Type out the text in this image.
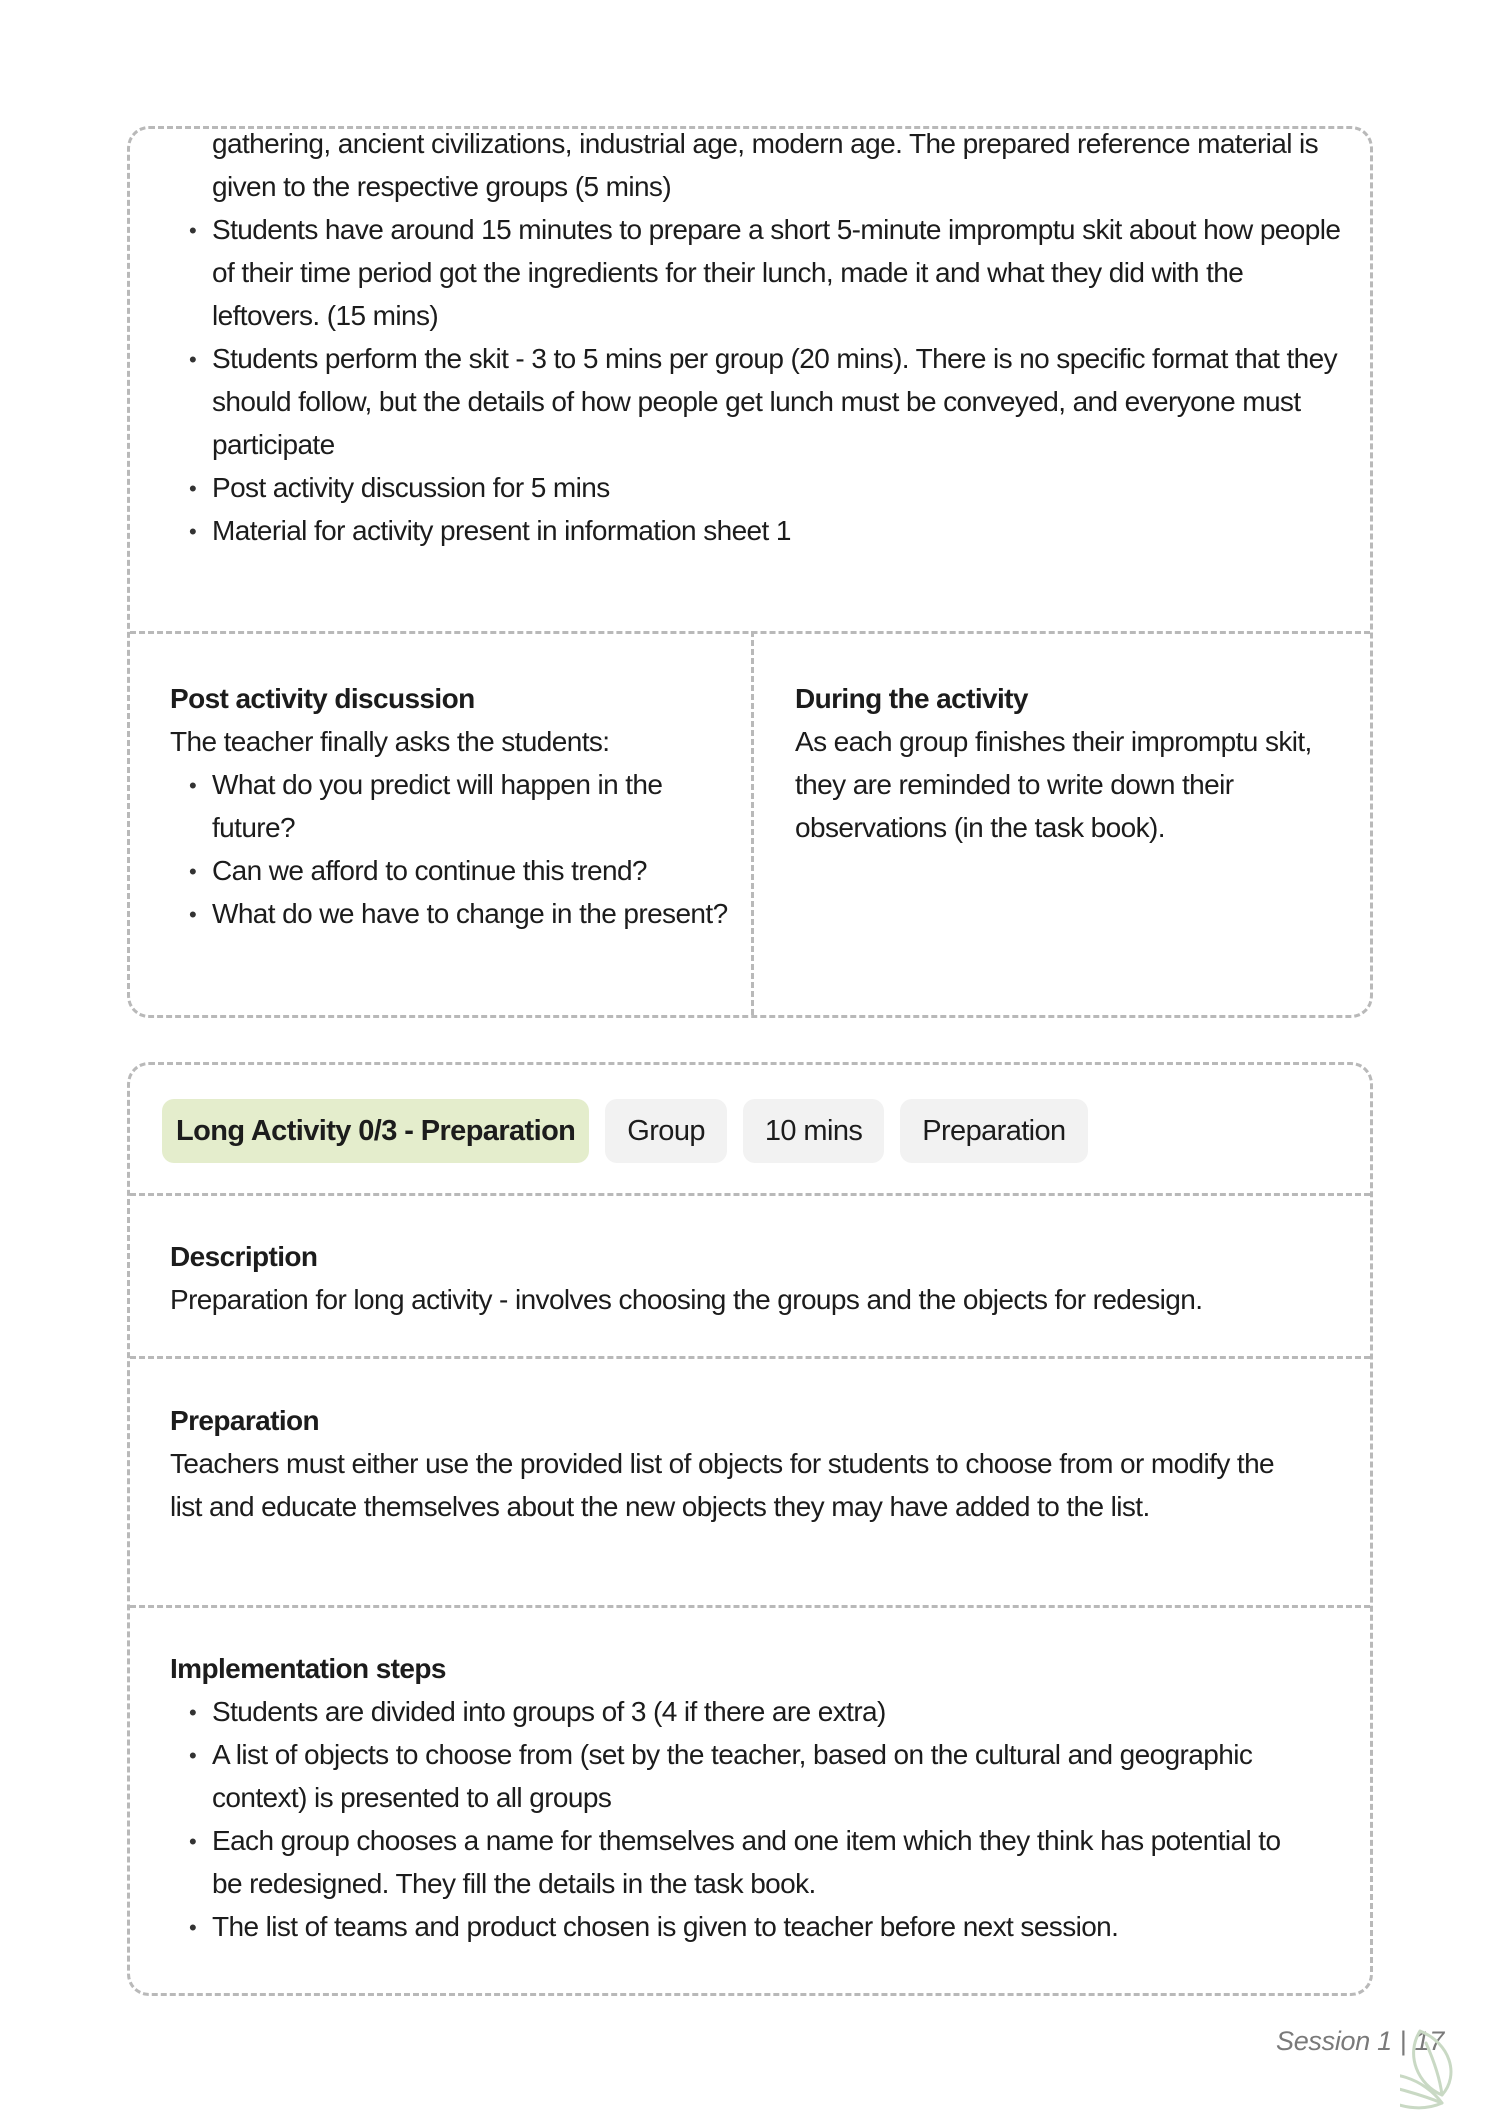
gathering, ancient civilizations, industrial age, modern age. The prepared reference material is given to the respective groups (5 mins)
• Students have around 15 minutes to prepare a short 5-minute impromptu skit about how people of their time period got the ingredients for their lunch, made it and what they did with the leftovers. (15 mins)
• Students perform the skit - 3 to 5 mins per group (20 mins). There is no specific format that they should follow, but the details of how people get lunch must be conveyed, and everyone must participate
• Post activity discussion for 5 mins
• Material for activity present in information sheet 1
Post activity discussion
The teacher finally asks the students:
• What do you predict will happen in the future?
• Can we afford to continue this trend?
• What do we have to change in the present?
During the activity
As each group finishes their impromptu skit, they are reminded to write down their observations (in the task book).
Long Activity 0/3 - Preparation	Group	10 mins	Preparation
Description
Preparation for long activity - involves choosing the groups and the objects for redesign.
Preparation
Teachers must either use the provided list of objects for students to choose from or modify the list and educate themselves about the new objects they may have added to the list.
Implementation steps
• Students are divided into groups of 3 (4 if there are extra)
• A list of objects to choose from (set by the teacher, based on the cultural and geographic context) is presented to all groups
• Each group chooses a name for themselves and one item which they think has potential to be redesigned. They fill the details in the task book.
• The list of teams and product chosen is given to teacher before next session.
Session 1 | 17
